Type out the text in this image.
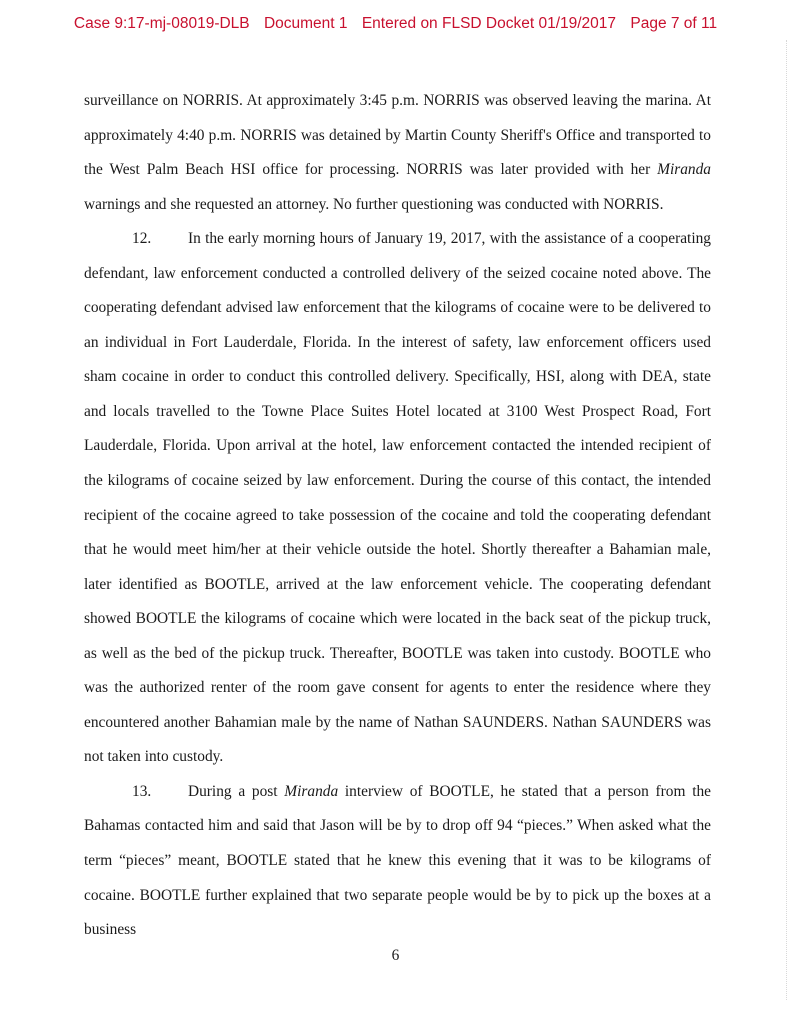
Case 9:17-mj-08019-DLB Document 1 Entered on FLSD Docket 01/19/2017 Page 7 of 11

surveillance on NORRIS. At approximately 3:45 p.m. NORRIS was observed leaving the marina. At approximately 4:40 p.m. NORRIS was detained by Martin County Sheriff's Office and transported to the West Palm Beach HSI office for processing. NORRIS was later provided with her Miranda warnings and she requested an attorney. No further questioning was conducted with NORRIS.

12. In the early morning hours of January 19, 2017, with the assistance of a cooperating defendant, law enforcement conducted a controlled delivery of the seized cocaine noted above. The cooperating defendant advised law enforcement that the kilograms of cocaine were to be delivered to an individual in Fort Lauderdale, Florida. In the interest of safety, law enforcement officers used sham cocaine in order to conduct this controlled delivery. Specifically, HSI, along with DEA, state and locals travelled to the Towne Place Suites Hotel located at 3100 West Prospect Road, Fort Lauderdale, Florida. Upon arrival at the hotel, law enforcement contacted the intended recipient of the kilograms of cocaine seized by law enforcement. During the course of this contact, the intended recipient of the cocaine agreed to take possession of the cocaine and told the cooperating defendant that he would meet him/her at their vehicle outside the hotel. Shortly thereafter a Bahamian male, later identified as BOOTLE, arrived at the law enforcement vehicle. The cooperating defendant showed BOOTLE the kilograms of cocaine which were located in the back seat of the pickup truck, as well as the bed of the pickup truck. Thereafter, BOOTLE was taken into custody. BOOTLE who was the authorized renter of the room gave consent for agents to enter the residence where they encountered another Bahamian male by the name of Nathan SAUNDERS. Nathan SAUNDERS was not taken into custody.

13. During a post Miranda interview of BOOTLE, he stated that a person from the Bahamas contacted him and said that Jason will be by to drop off 94 “pieces.” When asked what the term “pieces” meant, BOOTLE stated that he knew this evening that it was to be kilograms of cocaine. BOOTLE further explained that two separate people would be by to pick up the boxes at a business

6
